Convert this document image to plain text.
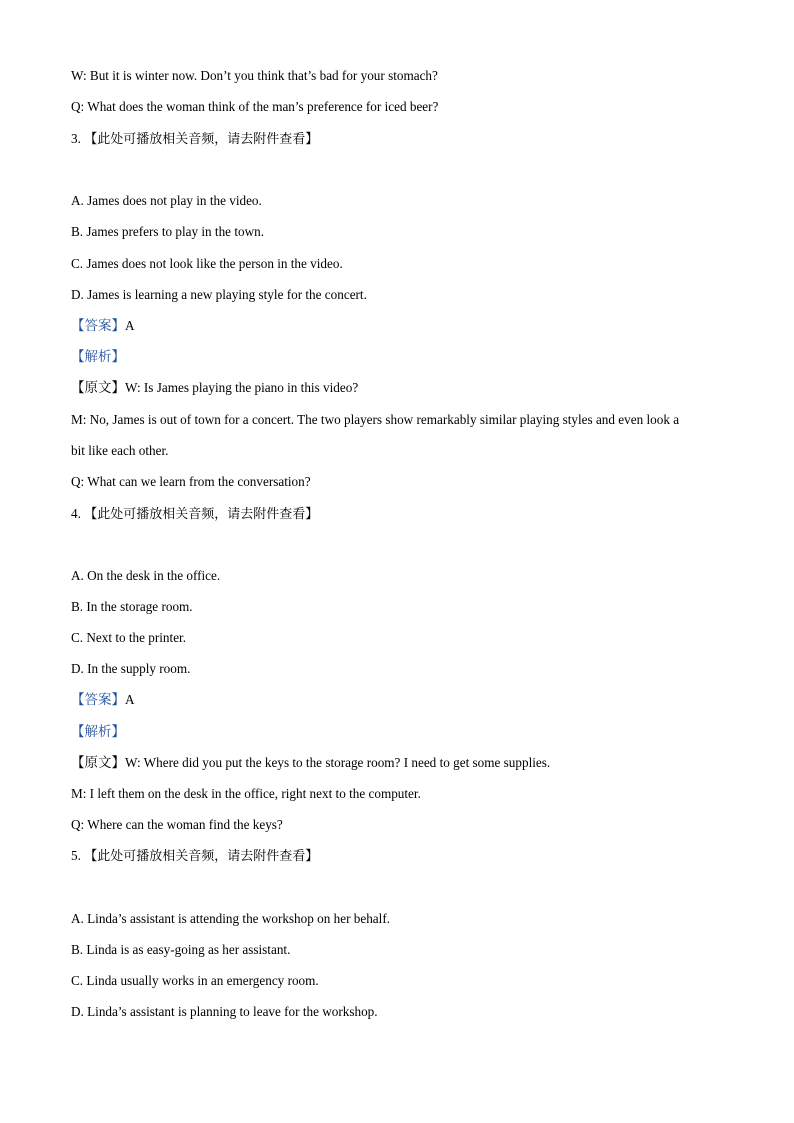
W: But it is winter now. Don’t you think that’s bad for your stomach?
Q: What does the woman think of the man’s preference for iced beer?
3. 【此处可播放相关音频，请去附件查看】
A. James does not play in the video.
B. James prefers to play in the town.
C. James does not look like the person in the video.
D. James is learning a new playing style for the concert.
【答案】A
【解析】
【原文】W: Is James playing the piano in this video?
M: No, James is out of town for a concert. The two players show remarkably similar playing styles and even look a
bit like each other.
Q: What can we learn from the conversation?
4. 【此处可播放相关音频，请去附件查看】
A. On the desk in the office.
B. In the storage room.
C. Next to the printer.
D. In the supply room.
【答案】A
【解析】
【原文】W: Where did you put the keys to the storage room? I need to get some supplies.
M: I left them on the desk in the office, right next to the computer.
Q: Where can the woman find the keys?
5. 【此处可播放相关音频，请去附件查看】
A. Linda’s assistant is attending the workshop on her behalf.
B. Linda is as easy-going as her assistant.
C. Linda usually works in an emergency room.
D. Linda’s assistant is planning to leave for the workshop.
